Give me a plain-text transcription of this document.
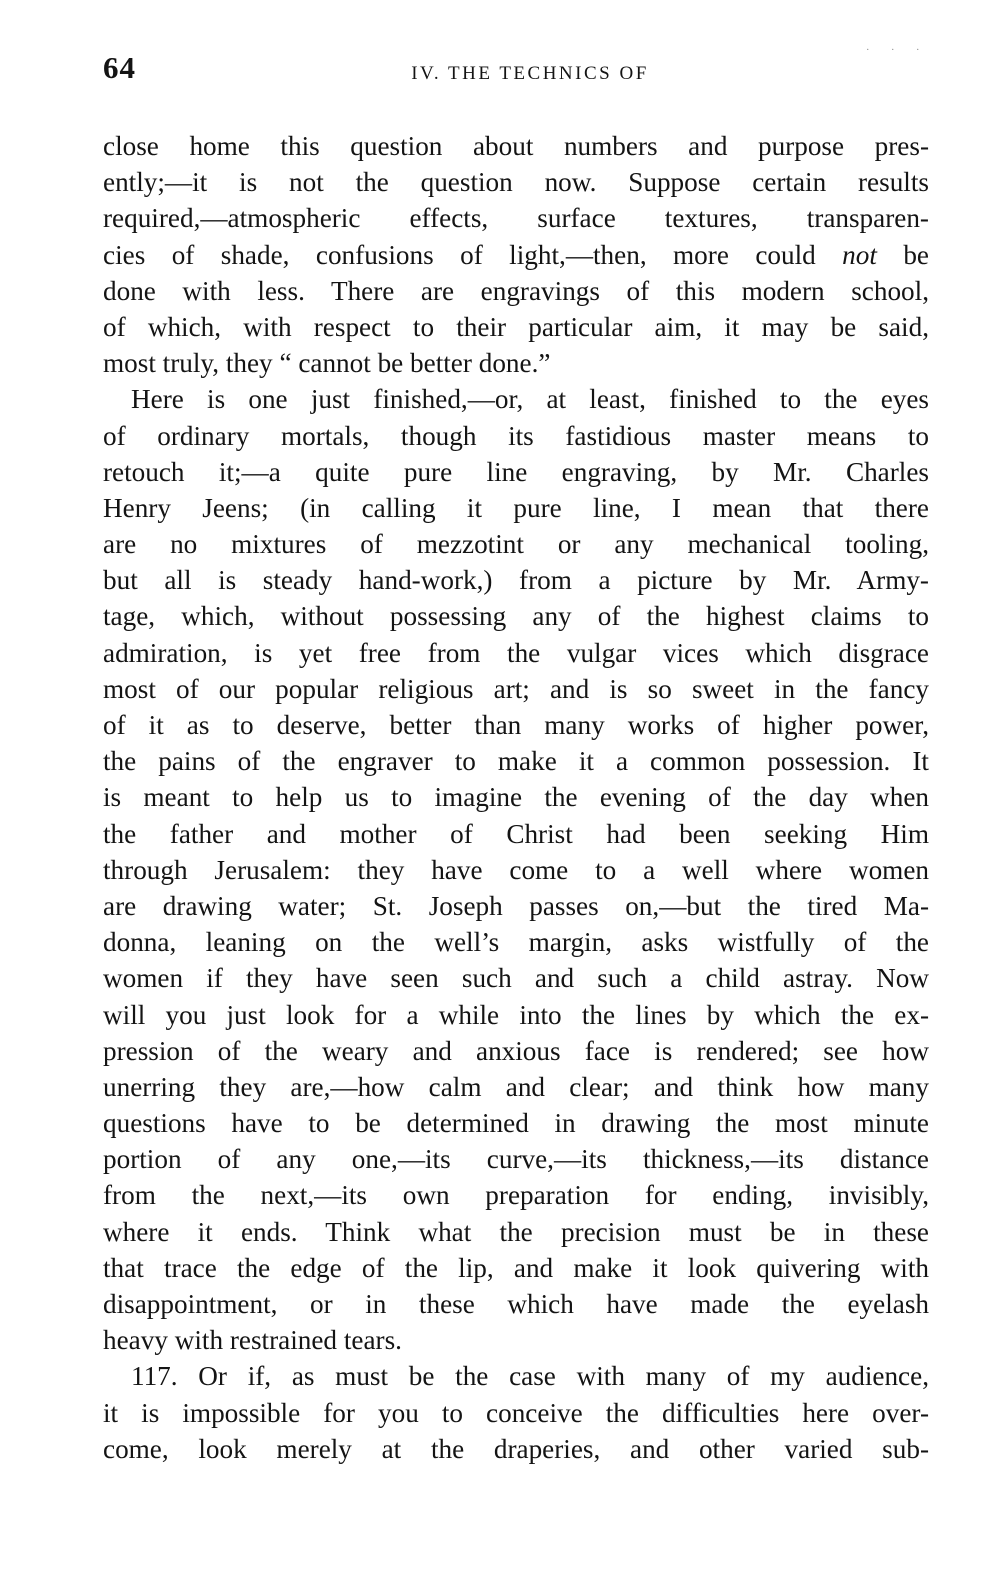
64	IV. THE TECHNICS OF
. . .
close home this question about numbers and purpose pres-
ently;—it is not the question now. Suppose certain results
required,—atmospheric effects, surface textures, transparen-
cies of shade, confusions of light,—then, more could not be
done with less. There are engravings of this modern school,
of which, with respect to their particular aim, it may be said,
most truly, they “ cannot be better done.”
Here is one just finished,—or, at least, finished to the eyes
of ordinary mortals, though its fastidious master means to
retouch it;—a quite pure line engraving, by Mr. Charles
Henry Jeens; (in calling it pure line, I mean that there
are no mixtures of mezzotint or any mechanical tooling,
but all is steady hand-work,) from a picture by Mr. Army-
tage, which, without possessing any of the highest claims to
admiration, is yet free from the vulgar vices which disgrace
most of our popular religious art; and is so sweet in the fancy
of it as to deserve, better than many works of higher power,
the pains of the engraver to make it a common possession. It
is meant to help us to imagine the evening of the day when
the father and mother of Christ had been seeking Him
through Jerusalem: they have come to a well where women
are drawing water; St. Joseph passes on,—but the tired Ma-
donna, leaning on the well’s margin, asks wistfully of the
women if they have seen such and such a child astray. Now
will you just look for a while into the lines by which the ex-
pression of the weary and anxious face is rendered; see how
unerring they are,—how calm and clear; and think how many
questions have to be determined in drawing the most minute
portion of any one,—its curve,—its thickness,—its distance
from the next,—its own preparation for ending, invisibly,
where it ends. Think what the precision must be in these
that trace the edge of the lip, and make it look quivering with
disappointment, or in these which have made the eyelash
heavy with restrained tears.
117. Or if, as must be the case with many of my audience,
it is impossible for you to conceive the difficulties here over-
come, look merely at the draperies, and other varied sub-
